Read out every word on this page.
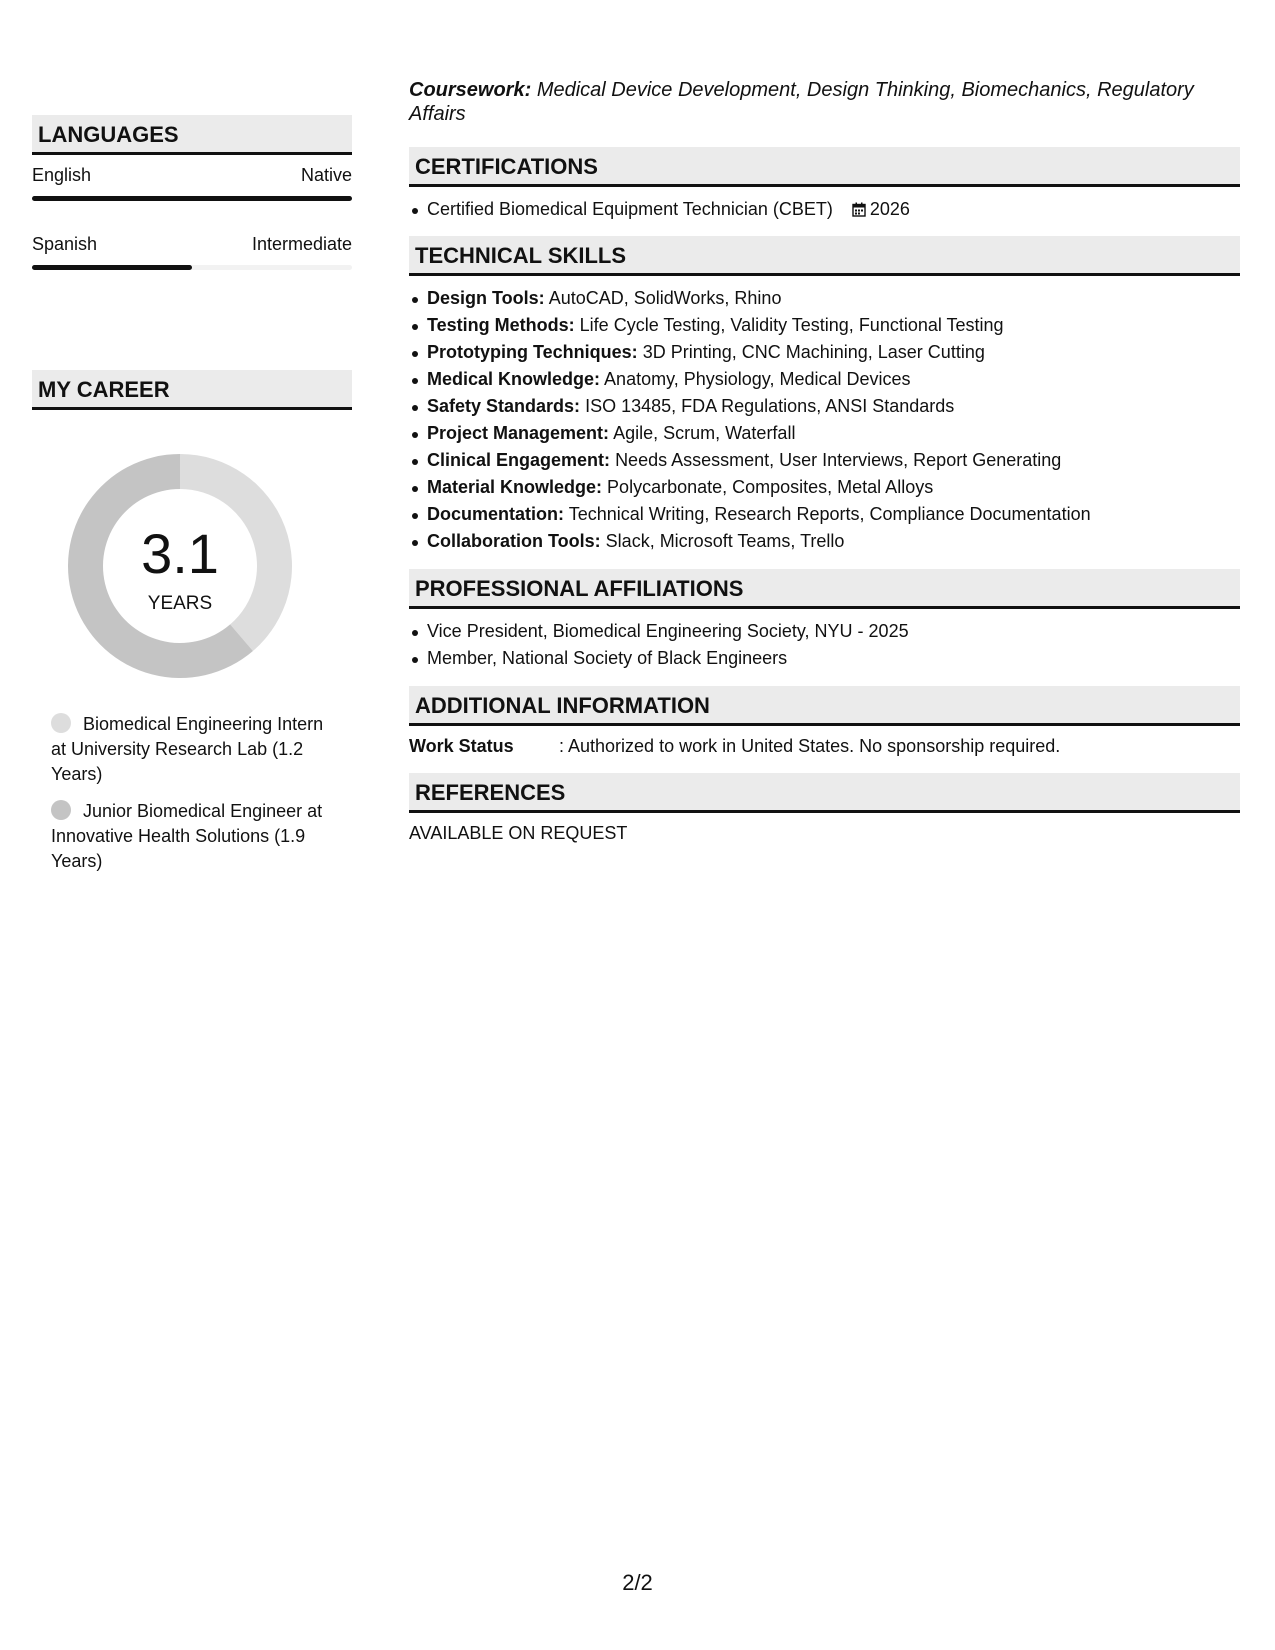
LANGUAGES
English	Native
Spanish	Intermediate
MY CAREER
3.1
YEARS
Biomedical Engineering Intern at University Research Lab (1.2 Years)
Junior Biomedical Engineer at Innovative Health Solutions (1.9 Years)
Coursework: Medical Device Development, Design Thinking, Biomechanics, Regulatory Affairs
CERTIFICATIONS
Certified Biomedical Equipment Technician (CBET) 2026
TECHNICAL SKILLS
Design Tools: AutoCAD, SolidWorks, Rhino
Testing Methods: Life Cycle Testing, Validity Testing, Functional Testing
Prototyping Techniques: 3D Printing, CNC Machining, Laser Cutting
Medical Knowledge: Anatomy, Physiology, Medical Devices
Safety Standards: ISO 13485, FDA Regulations, ANSI Standards
Project Management: Agile, Scrum, Waterfall
Clinical Engagement: Needs Assessment, User Interviews, Report Generating
Material Knowledge: Polycarbonate, Composites, Metal Alloys
Documentation: Technical Writing, Research Reports, Compliance Documentation
Collaboration Tools: Slack, Microsoft Teams, Trello
PROFESSIONAL AFFILIATIONS
Vice President, Biomedical Engineering Society, NYU - 2025
Member, National Society of Black Engineers
ADDITIONAL INFORMATION
Work Status	: Authorized to work in United States. No sponsorship required.
REFERENCES
AVAILABLE ON REQUEST
2/2
